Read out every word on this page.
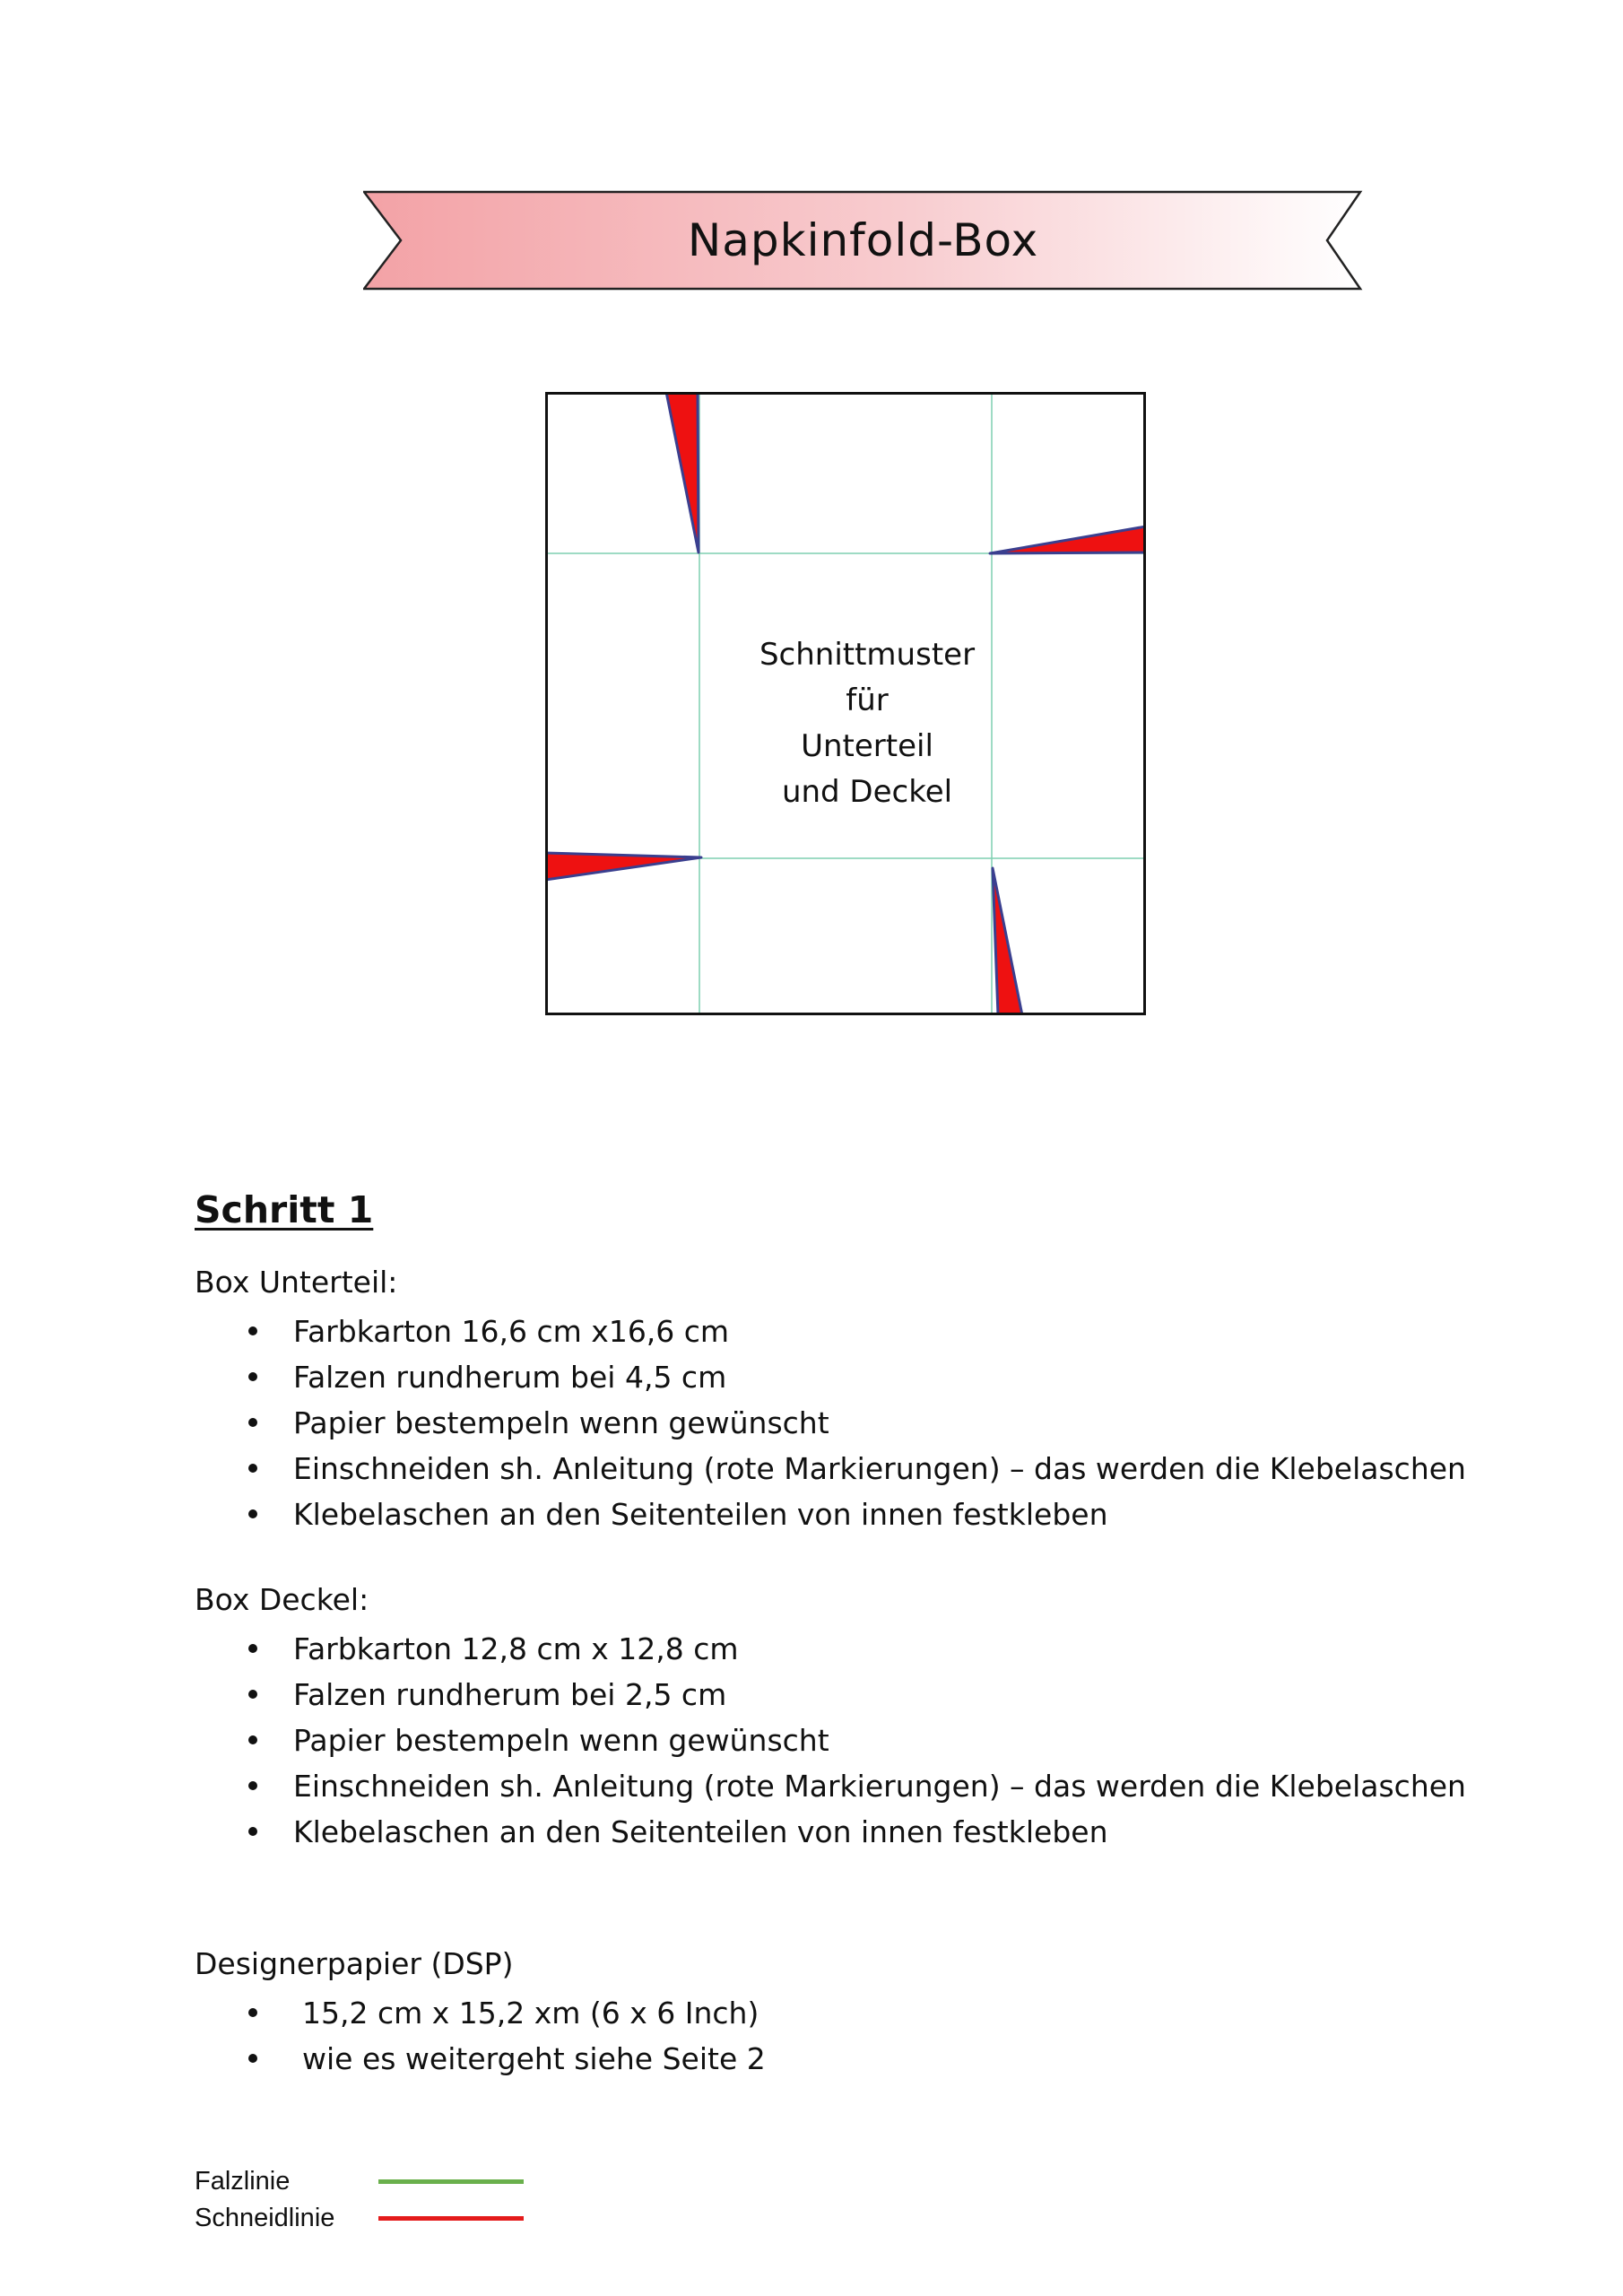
Napkinfold-Box
Schnittmuster
für
Unterteil
und Deckel
Schritt 1
Box Unterteil:
Farbkarton 16,6 cm x16,6 cm
Falzen rundherum bei 4,5 cm
Papier bestempeln wenn gewünscht
Einschneiden sh. Anleitung (rote Markierungen) – das werden die Klebelaschen
Klebelaschen an den Seitenteilen von innen festkleben
Box Deckel:
Farbkarton 12,8 cm x 12,8 cm
Falzen rundherum bei 2,5 cm
Papier bestempeln wenn gewünscht
Einschneiden sh. Anleitung (rote Markierungen) – das werden die Klebelaschen
Klebelaschen an den Seitenteilen von innen festkleben
Designerpapier (DSP)
15,2 cm x 15,2 xm (6 x 6 Inch)
wie es weitergeht siehe Seite 2
Falzlinie
Schneidlinie
